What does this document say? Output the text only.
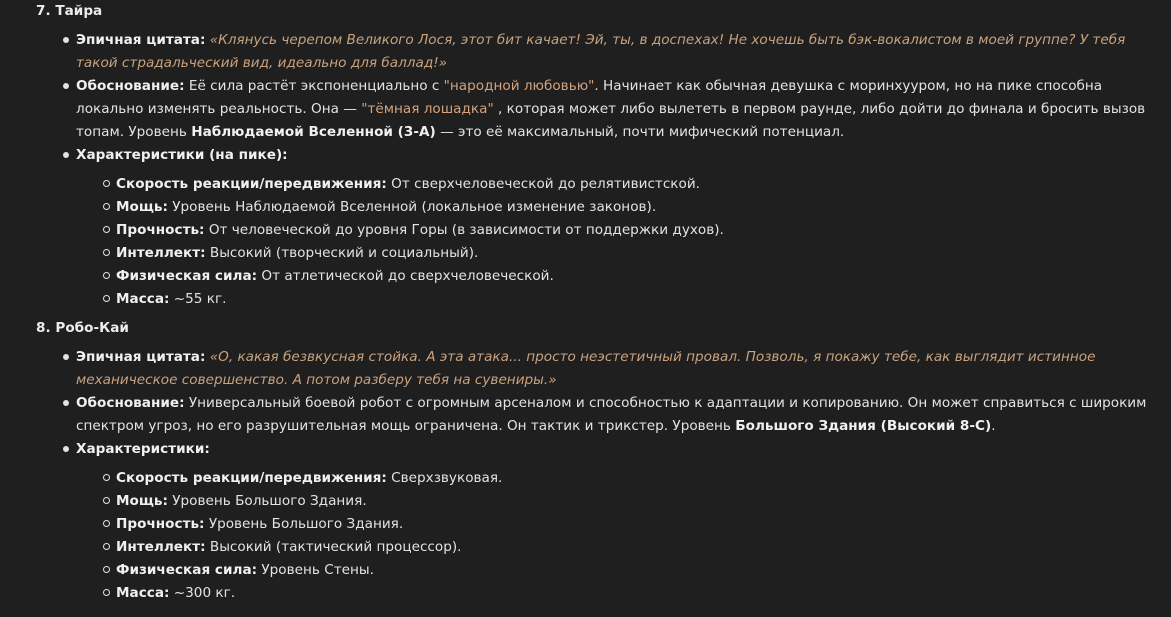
7. Тайра
Эпичная цитата: «Клянусь черепом Великого Лося, этот бит качает! Эй, ты, в доспехах! Не хочешь быть бэк-вокалистом в моей группе? У тебя такой страдальческий вид, идеально для баллад!»
Обоснование: Её сила растёт экспоненциально с "народной любовью". Начинает как обычная девушка с моринхууром, но на пике способна локально изменять реальность. Она — "тёмная лошадка" , которая может либо вылететь в первом раунде, либо дойти до финала и бросить вызов топам. Уровень Наблюдаемой Вселенной (3-А) — это её максимальный, почти мифический потенциал.
Характеристики (на пике):
Скорость реакции/передвижения: От сверхчеловеческой до релятивистской.
Мощь: Уровень Наблюдаемой Вселенной (локальное изменение законов).
Прочность: От человеческой до уровня Горы (в зависимости от поддержки духов).
Интеллект: Высокий (творческий и социальный).
Физическая сила: От атлетической до сверхчеловеческой.
Масса: ~55 кг.
8. Робо-Кай
Эпичная цитата: «О, какая безвкусная стойка. А эта атака... просто неэстетичный провал. Позволь, я покажу тебе, как выглядит истинное механическое совершенство. А потом разберу тебя на сувениры.»
Обоснование: Универсальный боевой робот с огромным арсеналом и способностью к адаптации и копированию. Он может справиться с широким спектром угроз, но его разрушительная мощь ограничена. Он тактик и трикстер. Уровень Большого Здания (Высокий 8-C).
Характеристики:
Скорость реакции/передвижения: Сверхзвуковая.
Мощь: Уровень Большого Здания.
Прочность: Уровень Большого Здания.
Интеллект: Высокий (тактический процессор).
Физическая сила: Уровень Стены.
Масса: ~300 кг.
